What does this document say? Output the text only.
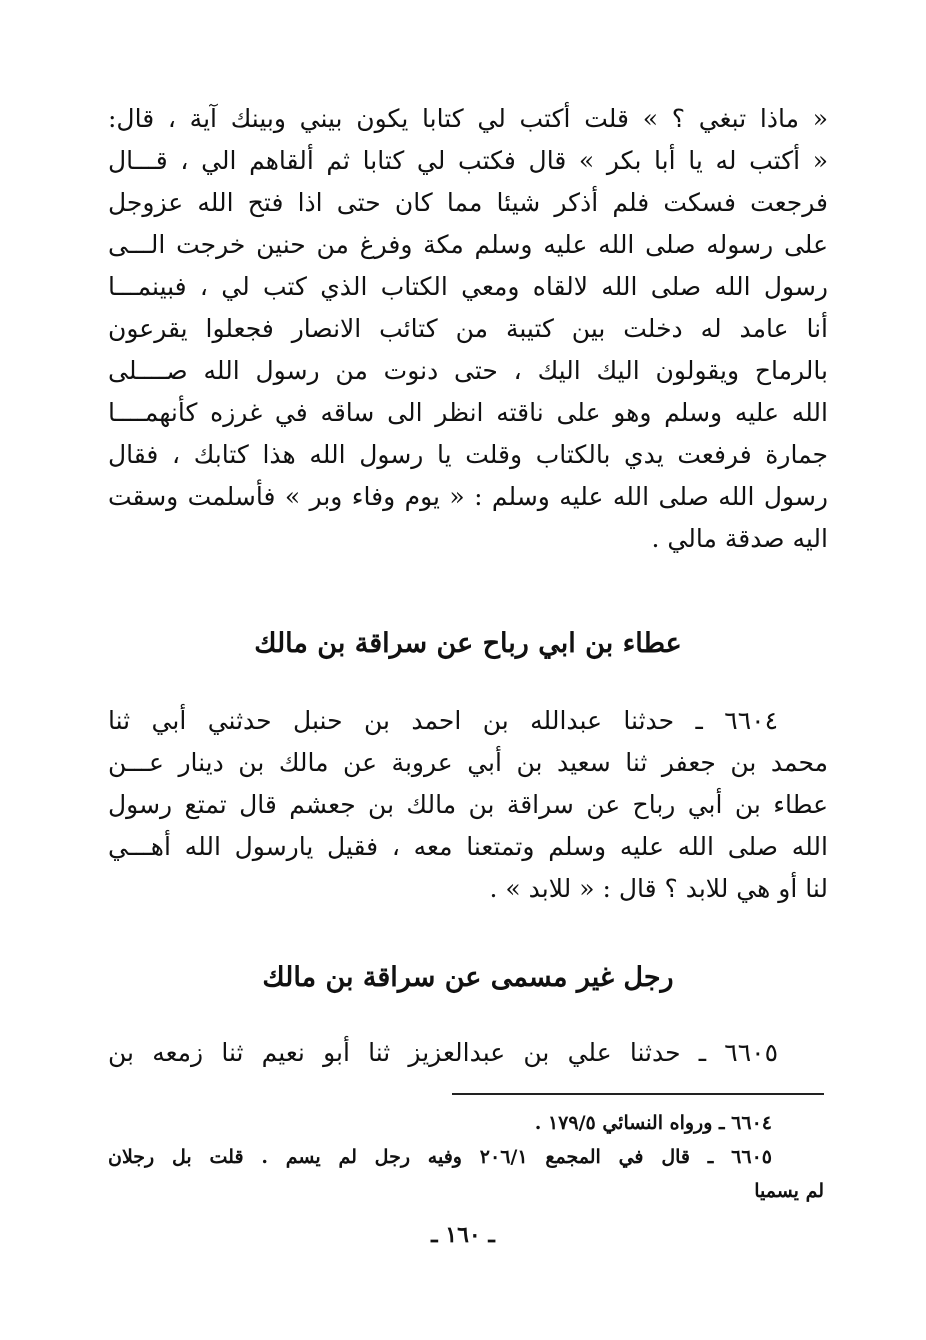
« ماذا تبغي ؟ » قلت أكتب لي كتابا يكون بيني وبينك آية ، قال:
« أكتب له يا أبا بكر » قال فكتب لي كتابا ثم ألقاهم الي ، قـــال
فرجعت فسكت فلم أذكر شيئا مما كان حتى اذا فتح الله عزوجل
على رسوله صلى الله عليه وسلم مكة وفرغ من حنين خرجت الـــى
رسول الله صلى الله لالقاه ومعي الكتاب الذي كتب لي ، فبينمـــا
أنا عامد له دخلت بين كتيبة من كتائب الانصار فجعلوا يقرعون
بالرماح ويقولون اليك اليك ، حتى دنوت من رسول الله صــــلى
الله عليه وسلم وهو على ناقته انظر الى ساقه في غرزه كأنهمــــا
جمارة فرفعت يدي بالكتاب وقلت يا رسول الله هذا كتابك ، فقال
رسول الله صلى الله عليه وسلم : « يوم وفاء وبر » فأسلمت وسقت
اليه صدقة مالي .
عطاء بن ابي رباح عن سراقة بن مالك
٦٦٠٤ ـ حدثنا عبدالله بن احمد بن حنبل حدثني أبي ثنا
محمد بن جعفر ثنا سعيد بن أبي عروبة عن مالك بن دينار عـــن
عطاء بن أبي رباح عن سراقة بن مالك بن جعشم قال تمتع رسول
الله صلى الله عليه وسلم وتمتعنا معه ، فقيل يارسول الله أهـــي
لنا أو هي للابد ؟ قال : « للابد » .
رجل غير مسمى عن سراقة بن مالك
٦٦٠٥ ـ حدثنا علي بن عبدالعزيز ثنا أبو نعيم ثنا زمعه بن
٦٦٠٤ ـ ورواه النسائي ١٧٩/٥ .
٦٦٠٥ ـ قال في المجمع ٢٠٦/١ وفيه رجل لم يسم . قلت بل رجلان
لم يسميا
ـ ١٦٠ ـ
